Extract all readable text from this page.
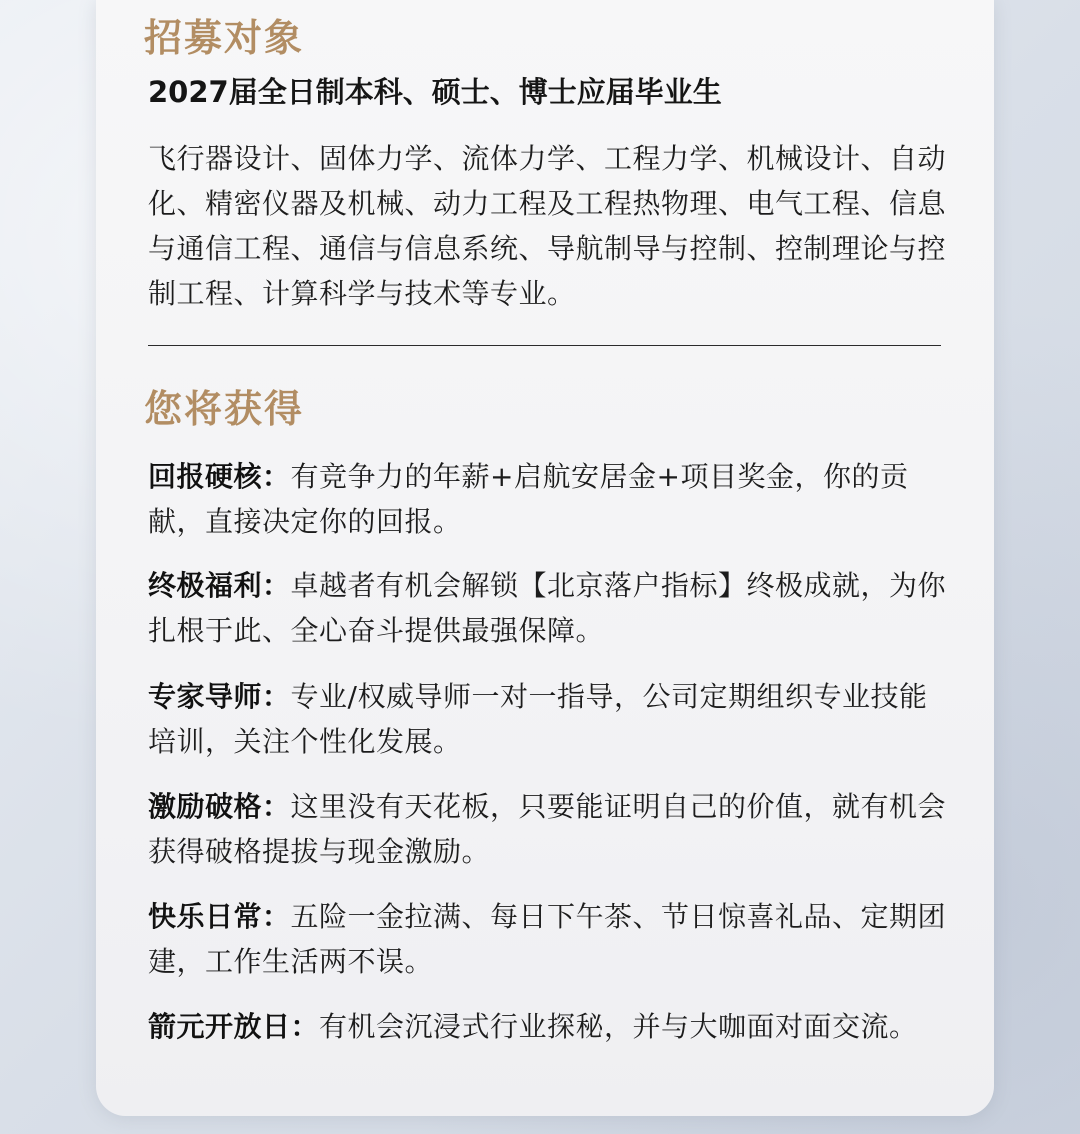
招募对象

2027届全日制本科、硕士、博士应届毕业生

飞行器设计、固体力学、流体力学、工程力学、机械设计、自动化、精密仪器及机械、动力工程及工程热物理、电气工程、信息与通信工程、通信与信息系统、导航制导与控制、控制理论与控制工程、计算科学与技术等专业。

您将获得

回报硬核：有竞争力的年薪+启航安居金+项目奖金，你的贡献，直接决定你的回报。

终极福利：卓越者有机会解锁【北京落户指标】终极成就，为你扎根于此、全心奋斗提供最强保障。

专家导师：专业/权威导师一对一指导，公司定期组织专业技能培训，关注个性化发展。

激励破格：这里没有天花板，只要能证明自己的价值，就有机会获得破格提拔与现金激励。

快乐日常：五险一金拉满、每日下午茶、节日惊喜礼品、定期团建，工作生活两不误。

箭元开放日：有机会沉浸式行业探秘，并与大咖面对面交流。
